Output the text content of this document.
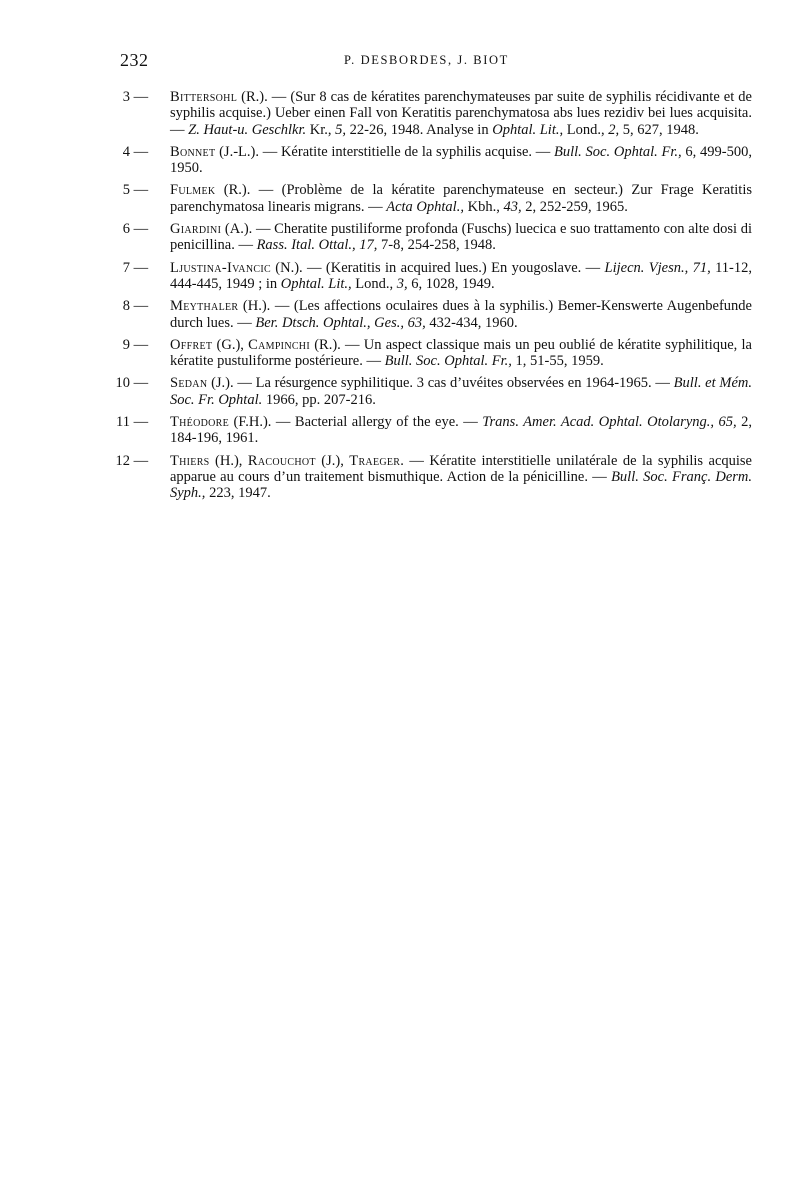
232	P. DESBORDES, J. BIOT
3 —	Bittersohl (R.). — (Sur 8 cas de kératites parenchymateuses par suite de syphilis récidivante et de syphilis acquise.) Ueber einen Fall von Keratitis parenchymatosa abs lues rezidiv bei lues acquisita. — Z. Haut-u. Geschlkr. Kr., 5, 22-26, 1948. Analyse in Ophtal. Lit., Lond., 2, 5, 627, 1948.
4 —	Bonnet (J.-L.). — Kératite interstitielle de la syphilis acquise. — Bull. Soc. Ophtal. Fr., 6, 499-500, 1950.
5 —	Fulmek (R.). — (Problème de la kératite parenchymateuse en secteur.) Zur Frage Keratitis parenchymatosa linearis migrans. — Acta Ophtal., Kbh., 43, 2, 252-259, 1965.
6 —	Giardini (A.). — Cheratite pustiliforme profonda (Fuschs) luecica e suo trattamento con alte dosi di penicillina. — Rass. Ital. Ottal., 17, 7-8, 254-258, 1948.
7 —	Ljustina-Ivancic (N.). — (Keratitis in acquired lues.) En yougoslave. — Lijecn. Vjesn., 71, 11-12, 444-445, 1949 ; in Ophtal. Lit., Lond., 3, 6, 1028, 1949.
8 —	Meythaler (H.). — (Les affections oculaires dues à la syphilis.) Bemer-Kenswerte Augenbefunde durch lues. — Ber. Dtsch. Ophtal., Ges., 63, 432-434, 1960.
9 —	Offret (G.), Campinchi (R.). — Un aspect classique mais un peu oublié de kératite syphilitique, la kératite pustuliforme postérieure. — Bull. Soc. Ophtal. Fr., 1, 51-55, 1959.
10 —	Sedan (J.). — La résurgence syphilitique. 3 cas d’uvéites observées en 1964-1965. — Bull. et Mém. Soc. Fr. Ophtal. 1966, pp. 207-216.
11 —	Théodore (F.H.). — Bacterial allergy of the eye. — Trans. Amer. Acad. Ophtal. Otolaryng., 65, 2, 184-196, 1961.
12 —	Thiers (H.), Racouchot (J.), Traeger. — Kératite interstitielle unilatérale de la syphilis acquise apparue au cours d’un traitement bismuthique. Action de la pénicilline. — Bull. Soc. Franç. Derm. Syph., 223, 1947.
